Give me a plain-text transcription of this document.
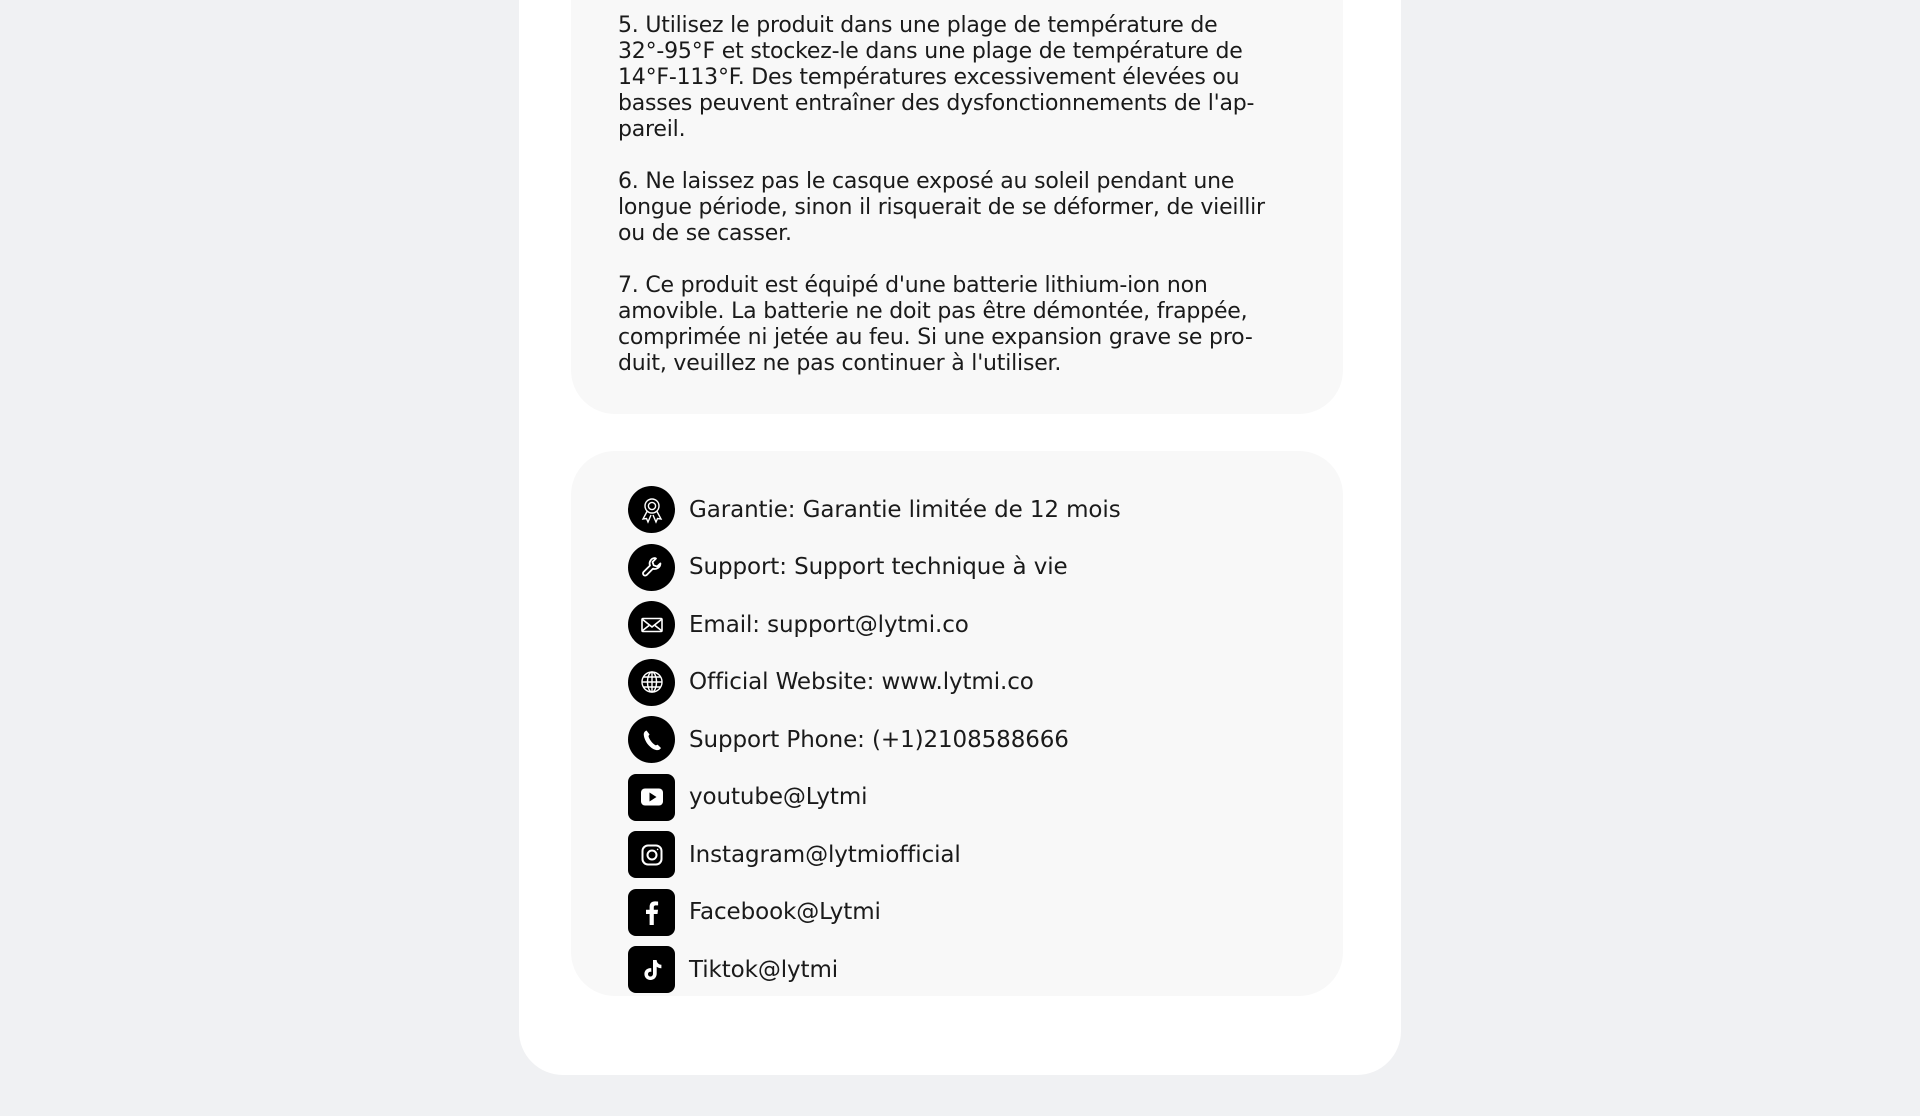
5. Utilisez le produit dans une plage de température de
32°-95°F et stockez-le dans une plage de température de
14°F-113°F. Des températures excessivement élevées ou
basses peuvent entraîner des dysfonctionnements de l'ap-
pareil.

6. Ne laissez pas le casque exposé au soleil pendant une
longue période, sinon il risquerait de se déformer, de vieillir
ou de se casser.

7. Ce produit est équipé d'une batterie lithium-ion non
amovible. La batterie ne doit pas être démontée, frappée,
comprimée ni jetée au feu. Si une expansion grave se pro-
duit, veuillez ne pas continuer à l'utiliser.

Garantie: Garantie limitée de 12 mois
Support: Support technique à vie
Email: support@lytmi.co
Official Website: www.lytmi.co
Support Phone: (+1)2108588666
youtube@Lytmi
Instagram@lytmiofficial
Facebook@Lytmi
Tiktok@lytmi
